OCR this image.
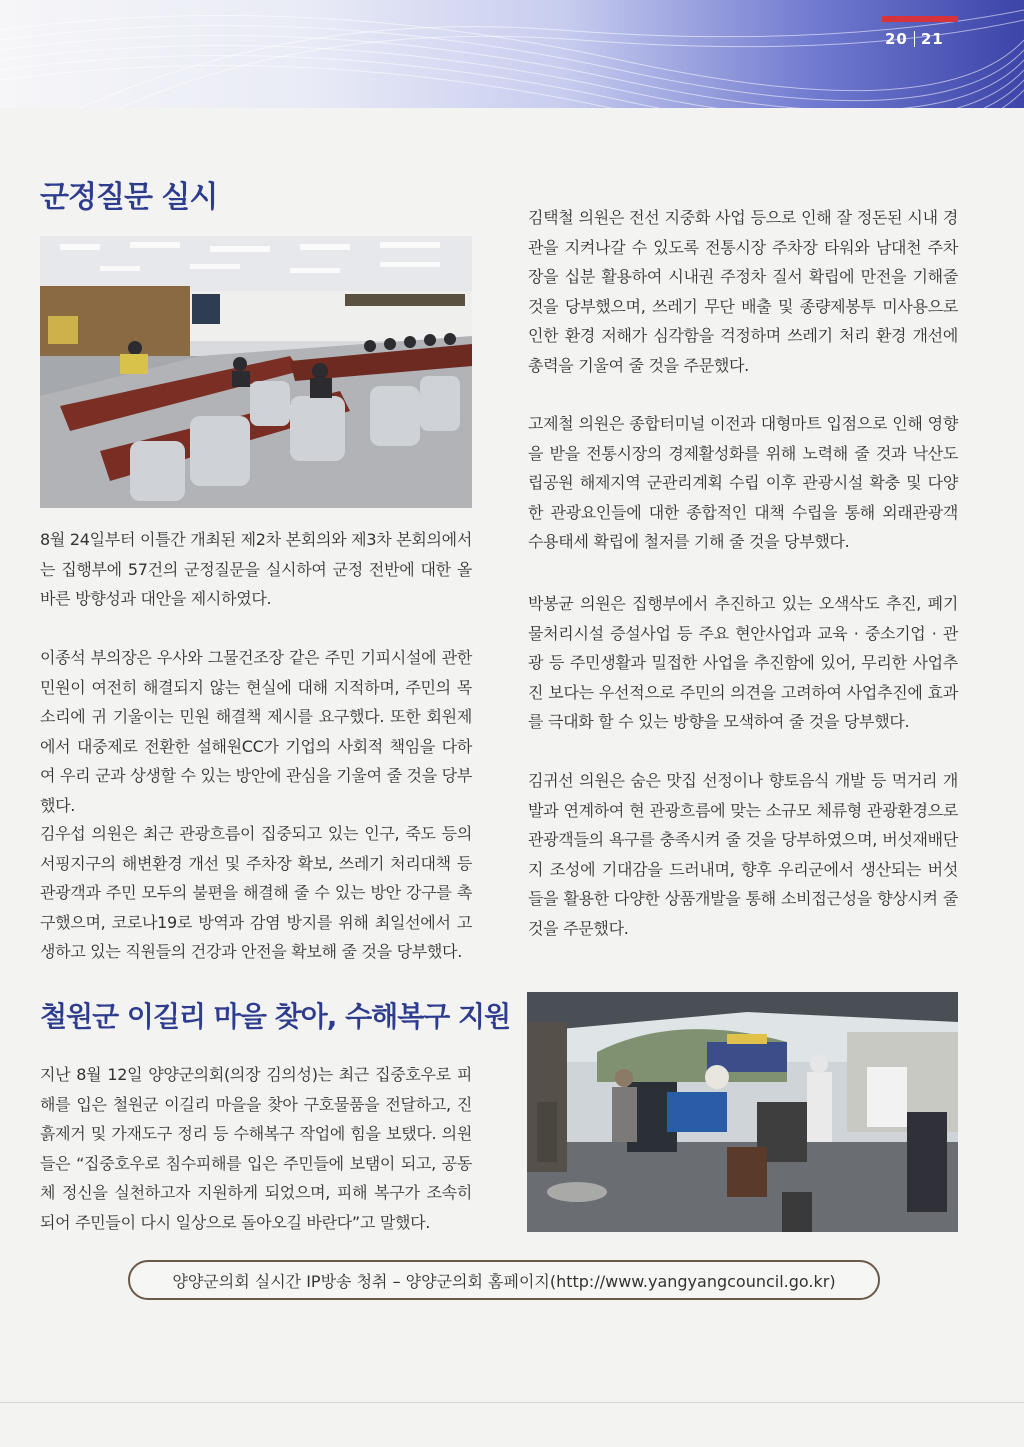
20 21
군정질문 실시
8월 24일부터 이틀간 개최된 제2차 본회의와 제3차 본회의에서는 집행부에 57건의 군정질문을 실시하여 군정 전반에 대한 올바른 방향성과 대안을 제시하였다.
이종석 부의장은 우사와 그물건조장 같은 주민 기피시설에 관한 민원이 여전히 해결되지 않는 현실에 대해 지적하며, 주민의 목소리에 귀 기울이는 민원 해결책 제시를 요구했다. 또한 회원제에서 대중제로 전환한 설해원CC가 기업의 사회적 책임을 다하여 우리 군과 상생할 수 있는 방안에 관심을 기울여 줄 것을 당부했다.
김우섭 의원은 최근 관광흐름이 집중되고 있는 인구, 죽도 등의 서핑지구의 해변환경 개선 및 주차장 확보, 쓰레기 처리대책 등 관광객과 주민 모두의 불편을 해결해 줄 수 있는 방안 강구를 촉구했으며, 코로나19로 방역과 감염 방지를 위해 최일선에서 고생하고 있는 직원들의 건강과 안전을 확보해 줄 것을 당부했다.
김택철 의원은 전선 지중화 사업 등으로 인해 잘 정돈된 시내 경관을 지켜나갈 수 있도록 전통시장 주차장 타워와 남대천 주차장을 십분 활용하여 시내권 주정차 질서 확립에 만전을 기해줄 것을 당부했으며, 쓰레기 무단 배출 및 종량제봉투 미사용으로 인한 환경 저해가 심각함을 걱정하며 쓰레기 처리 환경 개선에 총력을 기울여 줄 것을 주문했다.
고제철 의원은 종합터미널 이전과 대형마트 입점으로 인해 영향을 받을 전통시장의 경제활성화를 위해 노력해 줄 것과 낙산도립공원 해제지역 군관리계획 수립 이후 관광시설 확충 및 다양한 관광요인들에 대한 종합적인 대책 수립을 통해 외래관광객 수용태세 확립에 철저를 기해 줄 것을 당부했다.
박봉균 의원은 집행부에서 추진하고 있는 오색삭도 추진, 폐기물처리시설 증설사업 등 주요 현안사업과 교육 · 중소기업 · 관광 등 주민생활과 밀접한 사업을 추진함에 있어, 무리한 사업추진 보다는 우선적으로 주민의 의견을 고려하여 사업추진에 효과를 극대화 할 수 있는 방향을 모색하여 줄 것을 당부했다.
김귀선 의원은 숨은 맛집 선정이나 향토음식 개발 등 먹거리 개발과 연계하여 현 관광흐름에 맞는 소규모 체류형 관광환경으로 관광객들의 욕구를 충족시켜 줄 것을 당부하였으며, 버섯재배단지 조성에 기대감을 드러내며, 향후 우리군에서 생산되는 버섯들을 활용한 다양한 상품개발을 통해 소비접근성을 향상시켜 줄 것을 주문했다.
철원군 이길리 마을 찾아, 수해복구 지원
지난 8월 12일 양양군의회(의장 김의성)는 최근 집중호우로 피해를 입은 철원군 이길리 마을을 찾아 구호물품을 전달하고, 진흙제거 및 가재도구 정리 등 수해복구 작업에 힘을 보탰다. 의원들은 “집중호우로 침수피해를 입은 주민들에 보탬이 되고, 공동체 정신을 실천하고자 지원하게 되었으며, 피해 복구가 조속히 되어 주민들이 다시 일상으로 돌아오길 바란다”고 말했다.
양양군의회 실시간 IP방송 청취 – 양양군의회 홈페이지(http://www.yangyangcouncil.go.kr)
